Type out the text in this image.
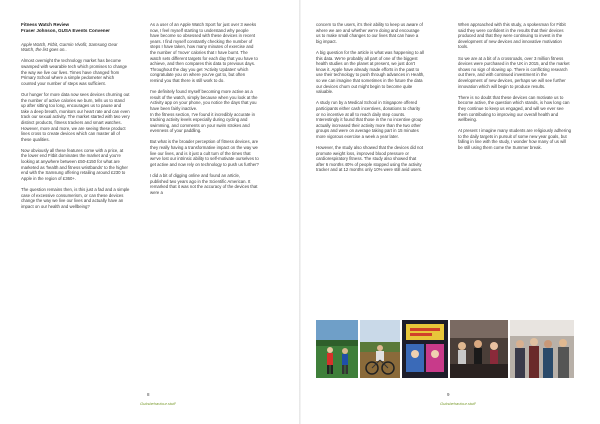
Fitness Watch Review
Fraser Johnson, GUSA Events Convener

Apple Watch, Fitbit, Garmin Vivofit, Samsung Gear Watch, the list goes on..

Almost overnight the technology market has become swamped with wearable tech which promises to change the way we live our lives. Times have changed from Primary School where a simple pedometer which counted your number of steps was sufficient.

Our hunger for more data now sees devices churning out the number of active calories we burn, tells us to stand up after sitting too long, encourages us to pause and take a deep breath, monitors our heart rate and can even track our sexual activity. The market started with two very distinct products, fitness trackers and smart watches. However, more and more, we are seeing these product lines cross to create devices which can master all of these qualities.

Now obviously all these features come with a price, at the lower end Fitbit dominates the market and you're looking at anywhere between £50-£150 for what are marketed as 'health and fitness wristbands' to the higher end with the Samsung offering retailing around £230 to Apple in the region of £360+.

The question remains then, is this just a fad and a simple case of excessive consumerism, or can these devices change the way we live our lives and actually have an impact on our health and wellbeing?

As a user of an Apple Watch Sport for just over 3 weeks now, I feel myself starting to understand why people have become so obsessed with these devices in recent years. I find myself constantly checking the number of steps I have taken, how many minutes of exercise and the number of 'move' calories that I have burnt. The watch sets different targets for each day that you have to achieve, and then compares this data to previous days. Throughout the day you get 'Activity Updates' which congratulate you on where you've got to, but often remind you that there is still work to do.

I've definitely found myself becoming more active as a result of the watch, simply because when you look at the Activity app on your phone, you notice the days that you have been fairly inactive.

In the fitness section, I've found it incredibly accurate in tracking activity levels especially during cycling and swimming, and comments on your swim strokes and evenness of your paddling.

But what is the broader perception of fitness devices, are they really having a transformative impact on the way we live our lives, and is it just a cult turn of the times that we've lost our intrinsic ability to self-motivate ourselves to get active and now rely on technology to push us further?

I did a bit of digging online and found an article, published two years ago in the Scientific American. It remarked that it was not the accuracy of the devices that were a

concern to the users, it's their ability to keep us aware of where we are and whether we're doing and encourage us to make small changes to our lives that can have a big impact.

A big question for the article is what was happening to all this data. We're probably all part of one of the biggest health studies on the planet at present, we just don't know it. Apple have already made efforts in the past to use their technology to push through advances in Health, so we can imagine that sometimes in the future the data our devices churn out might begin to become quite valuable.

A study run by a Medical School in Singapore offered participants either cash incentives, donations to charity or no incentive at all to reach daily step counts. Interestingly it found that those in the no incentive group actually increased their activity more than the two other groups and were on average taking part in 15 minutes more vigorous exercise a week a year later.

However, the study also showed that the devices did not promote weight loss, improved blood pressure or cardiorespiratory fitness. The study also showed that after 6 months 40% of people stopped using the activity tracker and at 12 months only 10% were still avid users.

When approached with this study, a spokesman for Fitbit said they were confident in the results that their devices produced and that they were continuing to invest in the development of new devices and innovative motivation tools.

So we are at a bit of a crossroads, over 3 million fitness devices were purchased in the UK in 2015, and the market shows no sign of slowing up. There is conflicting research out there, and with continued investment in the development of new devices, perhaps we will see further innovation which will begin to produce results.

There is no doubt that these devices can motivate us to become active, the question which stands, is how long can they continue to keep us engaged, and will we ever see them contributing to improving our overall health and wellbeing.

At present I imagine many students are religiously adhering to the daily targets in pursuit of some new year goals, but falling in line with the study, I wonder how many of us will be still using them come the Summer break.

8	9
Guksbehaviour.stuff	Guksbehaviour.stuff
